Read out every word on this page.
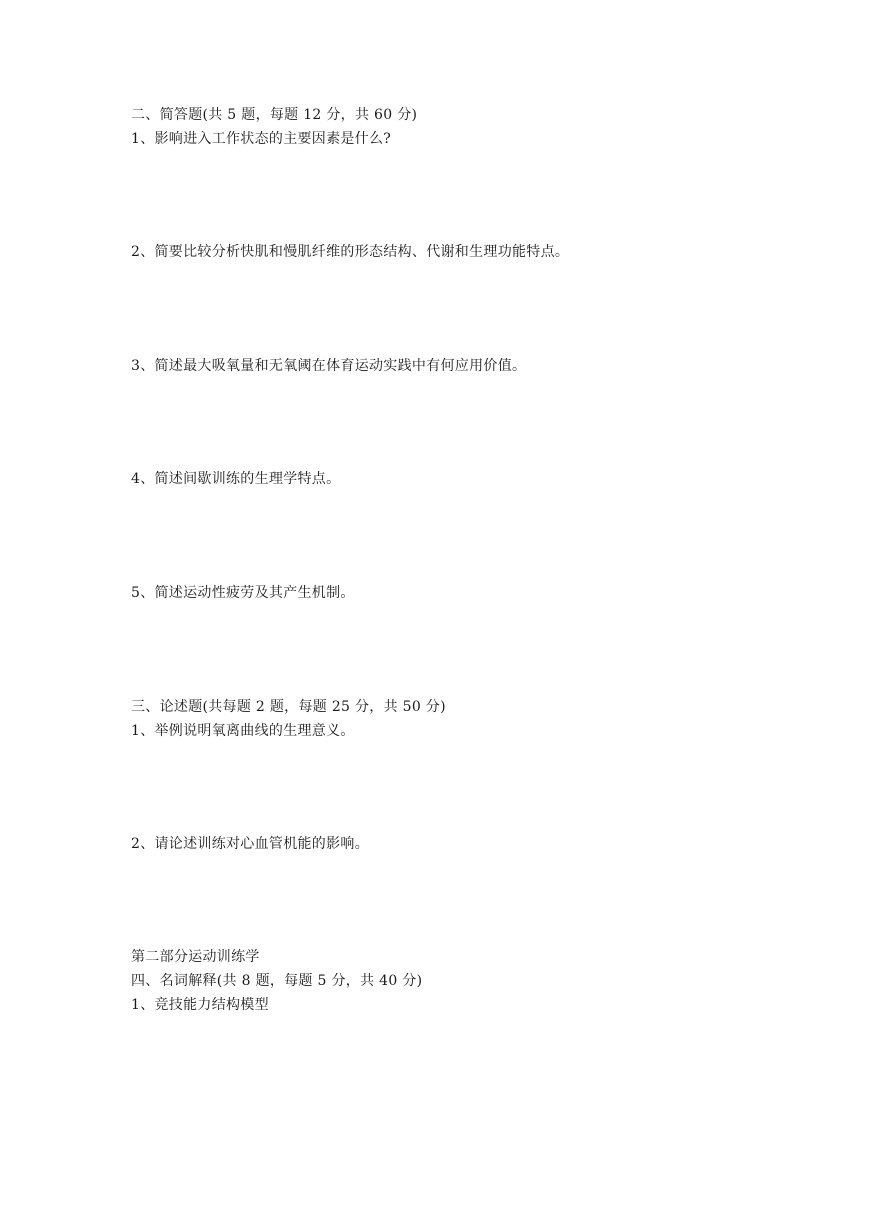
二、简答题(共 5 题，每题 12 分，共 60 分)
1、影响进入工作状态的主要因素是什么?
2、简要比较分析快肌和慢肌纤维的形态结构、代谢和生理功能特点。
3、简述最大吸氧量和无氧阈在体育运动实践中有何应用价值。
4、简述间歇训练的生理学特点。
5、简述运动性疲劳及其产生机制。
三、论述题(共每题 2 题，每题 25 分，共 50 分)
1、举例说明氧离曲线的生理意义。
2、请论述训练对心血管机能的影响。
第二部分运动训练学
四、名词解释(共 8 题，每题 5 分，共 40 分)
1、竞技能力结构模型
